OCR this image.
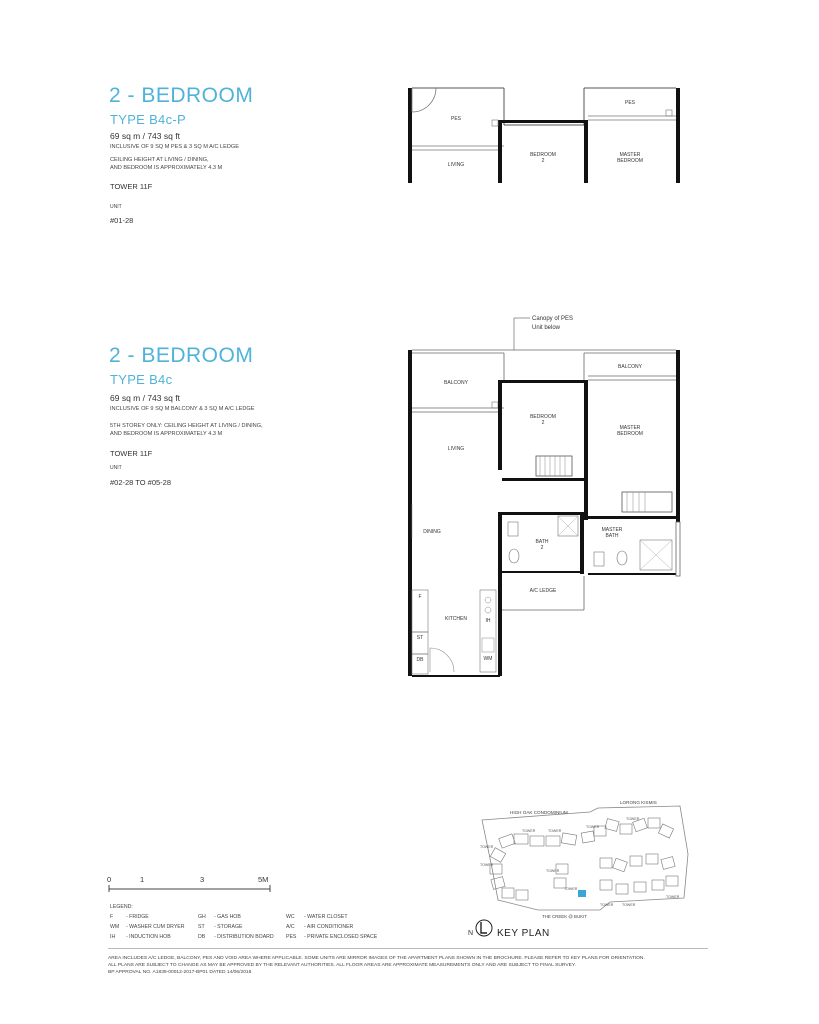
2 - BEDROOM
TYPE B4c-P
69 sq m / 743 sq ft
INCLUSIVE OF 9 SQ M PES & 3 SQ M A/C LEDGE
CEILING HEIGHT AT LIVING / DINING,
AND BEDROOM IS APPROXIMATELY 4.3 M
TOWER 11F
UNIT
#01-28
PES
PES
LIVING
BEDROOM
2
MASTER
BEDROOM
2 - BEDROOM
TYPE B4c
69 sq m / 743 sq ft
INCLUSIVE OF 9 SQ M BALCONY & 3 SQ M A/C LEDGE
5TH STOREY ONLY: CEILING HEIGHT AT LIVING / DINING,
AND BEDROOM IS APPROXIMATELY 4.3 M
TOWER 11F
UNIT
#02-28 TO #05-28
Canopy of PES
Unit below
BALCONY
BALCONY
LIVING
BEDROOM
2
MASTER
BEDROOM
DINING
BATH
2
MASTER
BATH
A/C LEDGE
KITCHEN
F
ST
DB
IH
WM
0	1	3	5M
LEGEND:
F - FRIDGE	GH - GAS HOB	WC - WATER CLOSET
WM - WASHER CUM DRYER	ST - STORAGE	A/C - AIR CONDITIONER
IH - INDUCTION HOB	DB - DISTRIBUTION BOARD PES - PRIVATE ENCLOSED SPACE
HIGH OAK CONDOMINIUM
LORONG KISMIS
THE CREEK @ BUKIT
TOWER	TOWER
TOWER
TOWER
TOWER
TOWER
TOWER
TOWER
TOWER TOWER
TOWER
N KEY PLAN
AREA INCLUDES A/C LEDGE, BALCONY, PES AND VOID AREA WHERE APPLICABLE. SOME UNITS ARE MIRROR IMAGES OF THE APARTMENT PLANS SHOWN IN THE BROCHURE. PLEASE REFER TO KEY PLANS FOR ORIENTATION.
ALL PLANS ARE SUBJECT TO CHANGE AS MAY BE APPROVED BY THE RELEVANT AUTHORITIES. ALL FLOOR AREAS ARE APPROXIMATE MEASUREMENTS ONLY AND ARE SUBJECT TO FINAL SURVEY.
BP APPROVAL NO. A1839-00012-2017-BP01 DATED 14/06/2018
